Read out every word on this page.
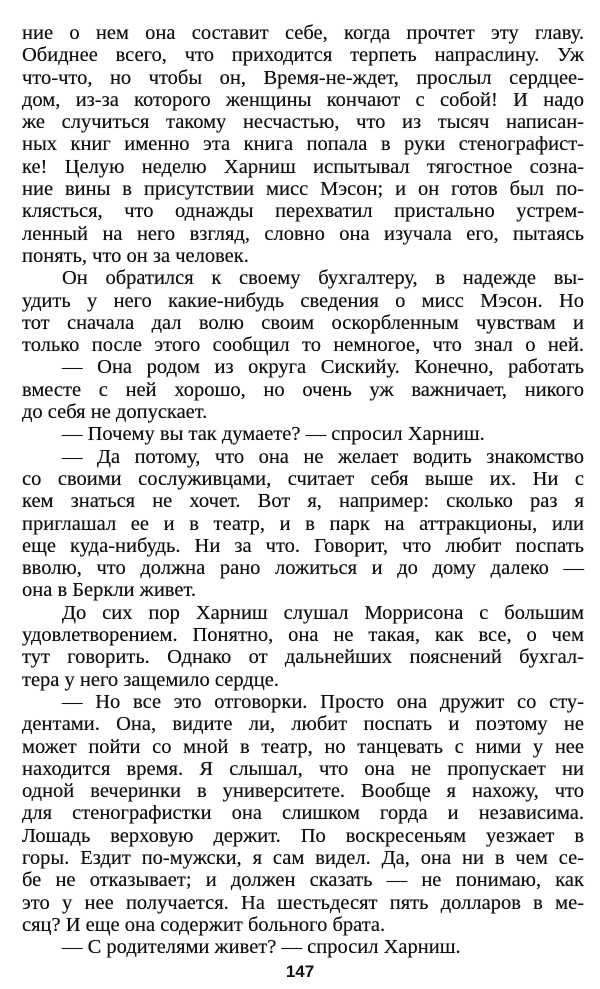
ние о нем она составит себе, когда прочтет эту главу.
Обиднее всего, что приходится терпеть напраслину. Уж
что-что, но чтобы он, Время-не-ждет, прослыл сердцее-
дом, из-за которого женщины кончают с собой! И надо
же случиться такому несчастью, что из тысяч написан-
ных книг именно эта книга попала в руки стенографист-
ке! Целую неделю Харниш испытывал тягостное созна-
ние вины в присутствии мисс Мэсон; и он готов был по-
клясться, что однажды перехватил пристально устрем-
ленный на него взгляд, словно она изучала его, пытаясь
понять, что он за человек.
Он обратился к своему бухгалтеру, в надежде вы-
удить у него какие-нибудь сведения о мисс Мэсон. Но
тот сначала дал волю своим оскорбленным чувствам и
только после этого сообщил то немногое, что знал о ней.
— Она родом из округа Сискийу. Конечно, работать
вместе с ней хорошо, но очень уж важничает, никого
до себя не допускает.
— Почему вы так думаете? — спросил Харниш.
— Да потому, что она не желает водить знакомство
со своими сослуживцами, считает себя выше их. Ни с
кем знаться не хочет. Вот я, например: сколько раз я
приглашал ее и в театр, и в парк на аттракционы, или
еще куда-нибудь. Ни за что. Говорит, что любит поспать
вволю, что должна рано ложиться и до дому далеко —
она в Беркли живет.
До сих пор Харниш слушал Моррисона с большим
удовлетворением. Понятно, она не такая, как все, о чем
тут говорить. Однако от дальнейших пояснений бухгал-
тера у него защемило сердце.
— Но все это отговорки. Просто она дружит со сту-
дентами. Она, видите ли, любит поспать и поэтому не
может пойти со мной в театр, но танцевать с ними у нее
находится время. Я слышал, что она не пропускает ни
одной вечеринки в университете. Вообще я нахожу, что
для стенографистки она слишком горда и независима.
Лошадь верховую держит. По воскресеньям уезжает в
горы. Ездит по-мужски, я сам видел. Да, она ни в чем се-
бе не отказывает; и должен сказать — не понимаю, как
это у нее получается. На шестьдесят пять долларов в ме-
сяц? И еще она содержит больного брата.
— С родителями живет? — спросил Харниш.
147
